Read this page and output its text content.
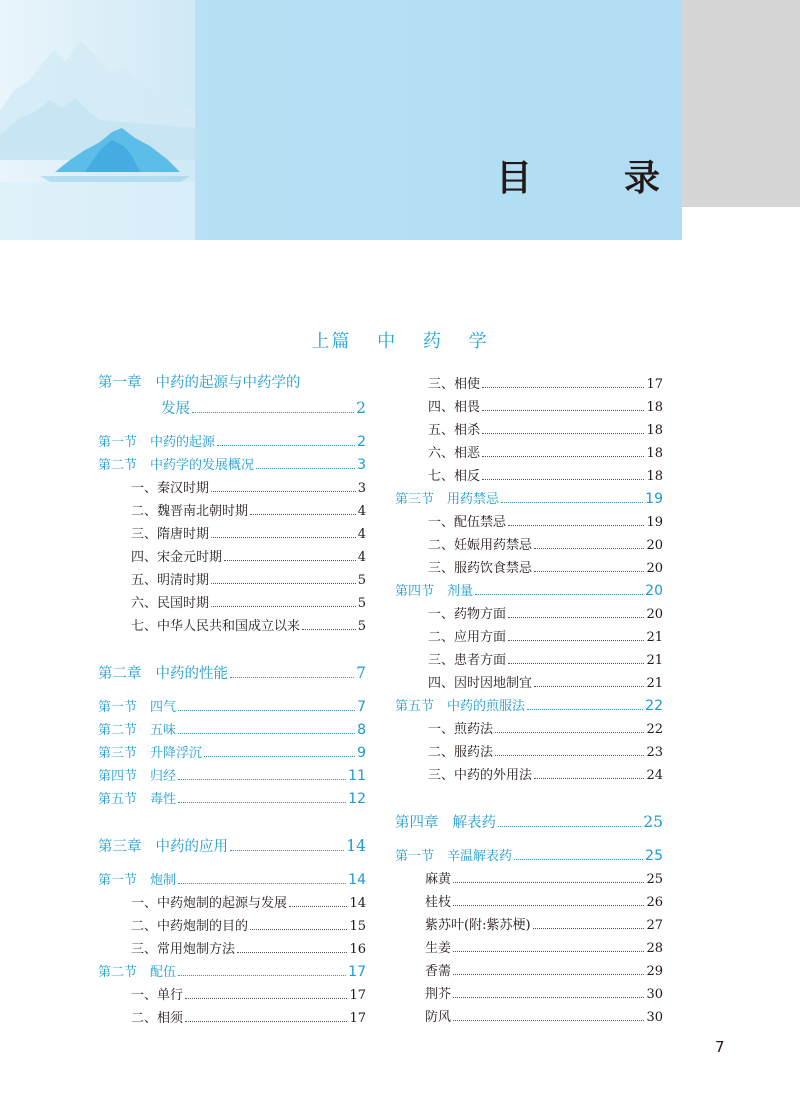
目　录
上篇 中 药 学
第一章 中药的起源与中药学的
发展	2
第一节 中药的起源	2
第二节 中药学的发展概况	3
一、秦汉时期	3
二、魏晋南北朝时期	4
三、隋唐时期	4
四、宋金元时期	4
五、明清时期	5
六、民国时期	5
七、中华人民共和国成立以来	5
第二章 中药的性能	7
第一节 四气	7
第二节 五味	8
第三节 升降浮沉	9
第四节 归经	11
第五节 毒性	12
第三章 中药的应用	14
第一节 炮制	14
一、中药炮制的起源与发展	14
二、中药炮制的目的	15
三、常用炮制方法	16
第二节 配伍	17
一、单行	17
二、相须	17
三、相使	17
四、相畏	18
五、相杀	18
六、相恶	18
七、相反	18
第三节 用药禁忌	19
一、配伍禁忌	19
二、妊娠用药禁忌	20
三、服药饮食禁忌	20
第四节 剂量	20
一、药物方面	20
二、应用方面	21
三、患者方面	21
四、因时因地制宜	21
第五节 中药的煎服法	22
一、煎药法	22
二、服药法	23
三、中药的外用法	24
第四章 解表药	25
第一节 辛温解表药	25
麻黄	25
桂枝	26
紫苏叶(附:紫苏梗)	27
生姜	28
香薷	29
荆芥	30
防风	30
7
